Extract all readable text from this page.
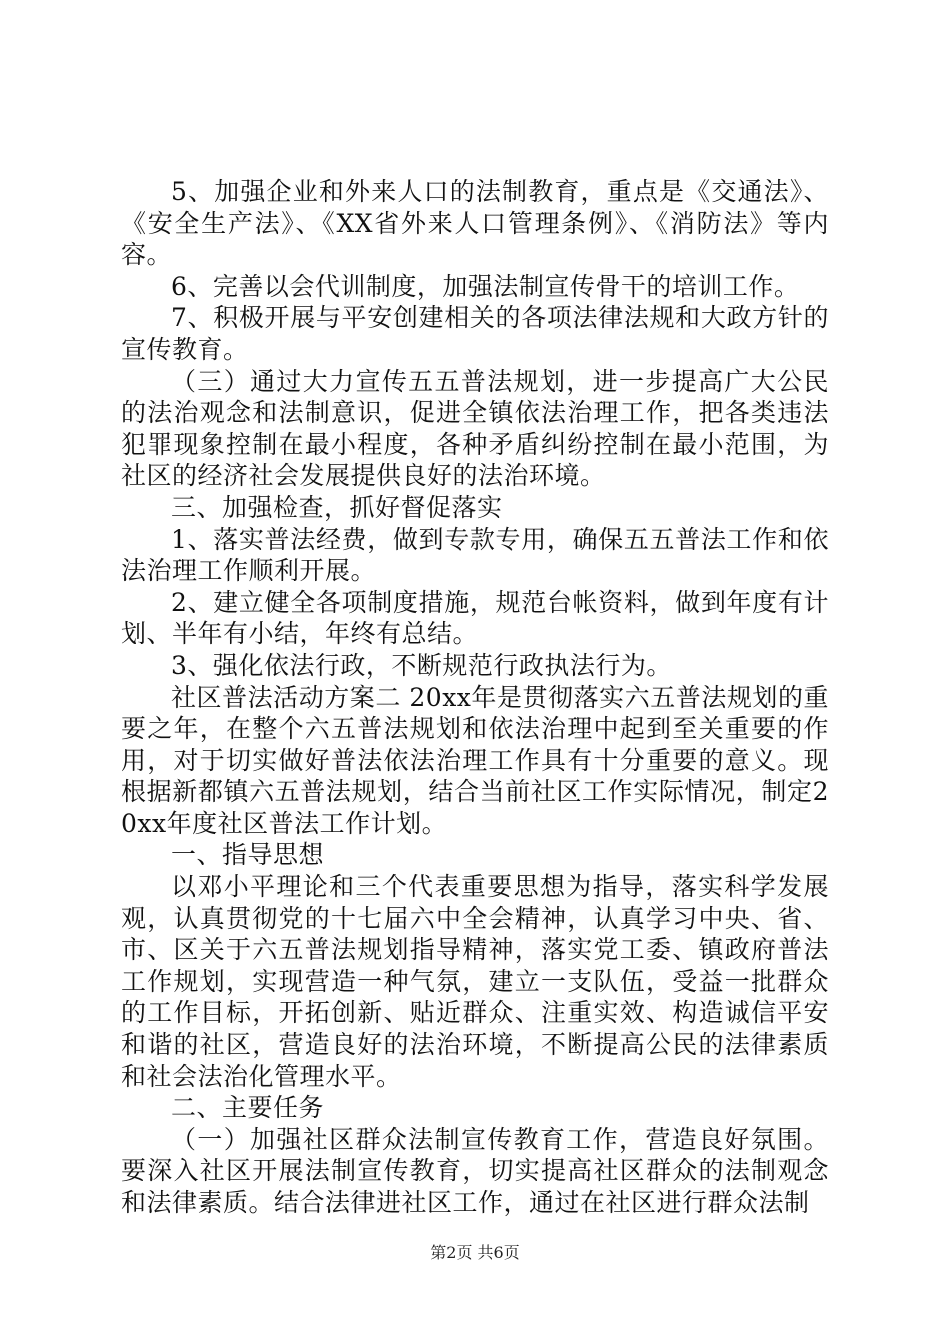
5、加强企业和外来人口的法制教育，重点是《交通法》、《安全生产法》、《XX省外来人口管理条例》、《消防法》等内容。

6、完善以会代训制度，加强法制宣传骨干的培训工作。

7、积极开展与平安创建相关的各项法律法规和大政方针的宣传教育。

（三）通过大力宣传五五普法规划，进一步提高广大公民的法治观念和法制意识，促进全镇依法治理工作，把各类违法犯罪现象控制在最小程度，各种矛盾纠纷控制在最小范围，为社区的经济社会发展提供良好的法治环境。

三、加强检查，抓好督促落实

1、落实普法经费，做到专款专用，确保五五普法工作和依法治理工作顺利开展。

2、建立健全各项制度措施，规范台帐资料，做到年度有计划、半年有小结，年终有总结。

3、强化依法行政，不断规范行政执法行为。

社区普法活动方案二 20xx年是贯彻落实六五普法规划的重要之年，在整个六五普法规划和依法治理中起到至关重要的作用，对于切实做好普法依法治理工作具有十分重要的意义。现根据新都镇六五普法规划，结合当前社区工作实际情况，制定20xx年度社区普法工作计划。

一、指导思想

以邓小平理论和三个代表重要思想为指导，落实科学发展观，认真贯彻党的十七届六中全会精神，认真学习中央、省、市、区关于六五普法规划指导精神，落实党工委、镇政府普法工作规划，实现营造一种气氛，建立一支队伍，受益一批群众的工作目标，开拓创新、贴近群众、注重实效、构造诚信平安和谐的社区，营造良好的法治环境，不断提高公民的法律素质和社会法治化管理水平。

二、主要任务

（一）加强社区群众法制宣传教育工作，营造良好氛围。要深入社区开展法制宣传教育，切实提高社区群众的法制观念和法律素质。结合法律进社区工作，通过在社区进行群众法制

第2页 共6页
